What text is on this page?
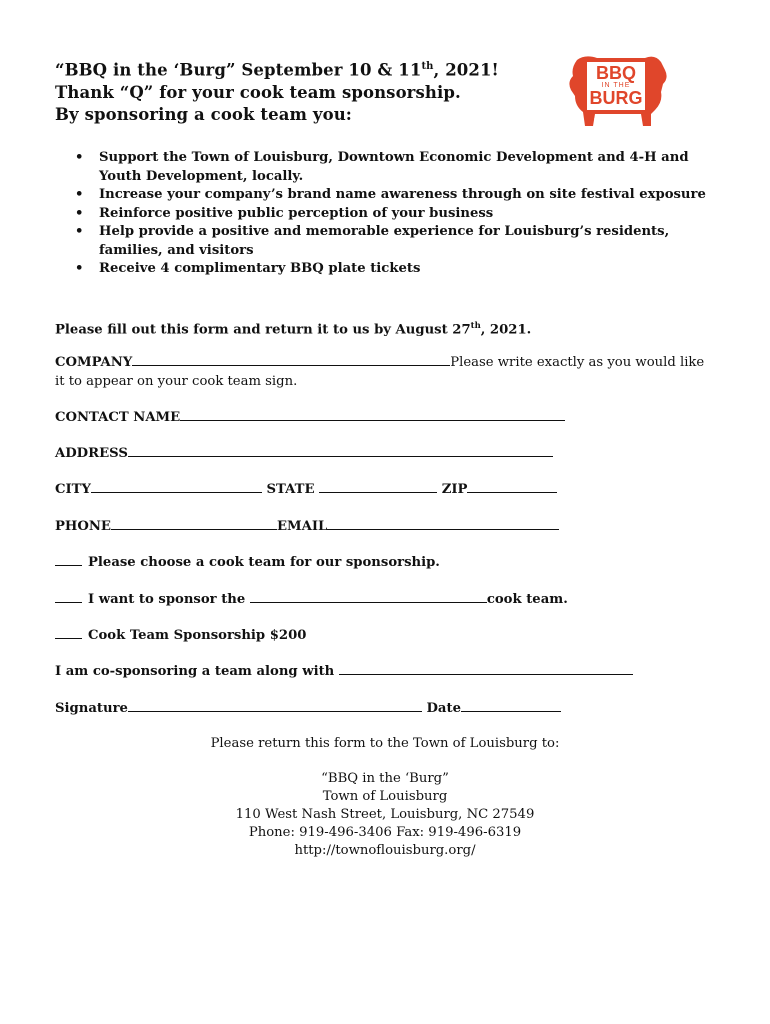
“BBQ in the ‘Burg” September 10 & 11th, 2021!
Thank “Q” for your cook team sponsorship.
By sponsoring a cook team you:
BBQ
IN THE
BURG
LOUISBURG, NC
• Support the Town of Louisburg, Downtown Economic Development and 4-H and Youth Development, locally.
• Increase your company’s brand name awareness through on site festival exposure
• Reinforce positive public perception of your business
• Help provide a positive and memorable experience for Louisburg’s residents, families, and visitors
• Receive 4 complimentary BBQ plate tickets
Please fill out this form and return it to us by August 27th, 2021.
COMPANY	Please write exactly as you would like it to appear on your cook team sign.
CONTACT NAME
ADDRESS
CITY	STATE	ZIP
PHONE	EMAIL
Please choose a cook team for our sponsorship.
I want to sponsor the	cook team.
Cook Team Sponsorship $200
I am co-sponsoring a team along with
Signature	Date
Please return this form to the Town of Louisburg to:
“BBQ in the ‘Burg”
Town of Louisburg
110 West Nash Street, Louisburg, NC 27549
Phone: 919-496-3406 Fax: 919-496-6319
http://townoflouisburg.org/
